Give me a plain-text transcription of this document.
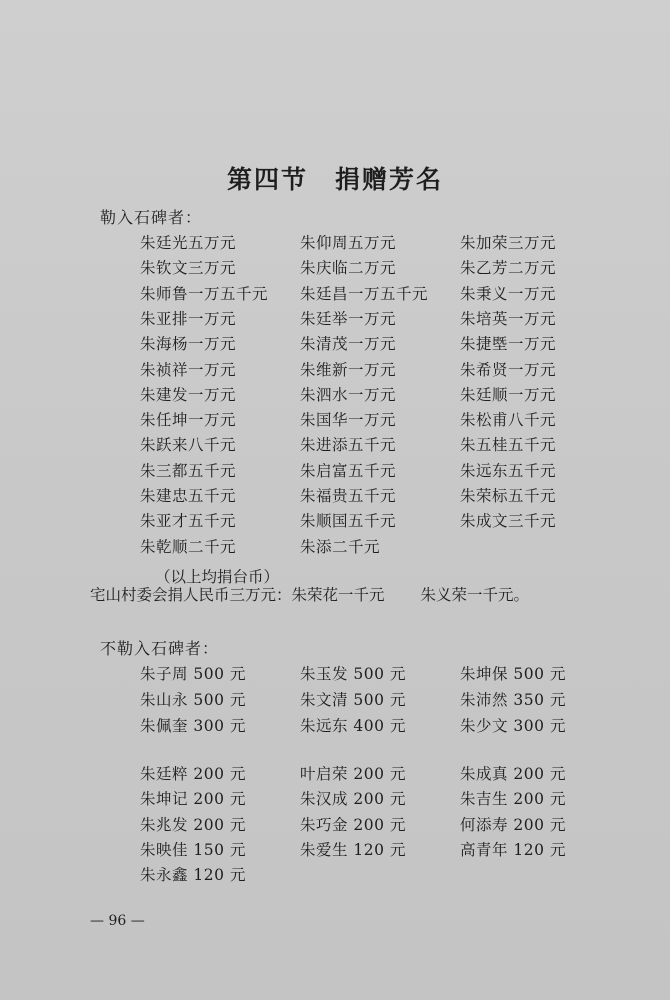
第四节　捐赠芳名
勒入石碑者：
朱廷光五万元	朱仰周五万元	朱加荣三万元
朱钦文三万元	朱庆临二万元	朱乙芳二万元
朱师鲁一万五千元 朱廷昌一万五千元 朱秉义一万元
朱亚排一万元	朱廷举一万元	朱培英一万元
朱海杨一万元	朱清茂一万元	朱捷塈一万元
朱祯祥一万元	朱维新一万元	朱希贤一万元
朱建发一万元	朱泗水一万元	朱廷顺一万元
朱任坤一万元	朱国华一万元	朱松甫八千元
朱跃来八千元	朱进添五千元	朱五桂五千元
朱三都五千元	朱启富五千元	朱远东五千元
朱建忠五千元	朱福贵五千元	朱荣标五千元
朱亚才五千元	朱顺国五千元	朱成文三千元
朱乾顺二千元	朱添二千元
（以上均捐台币）
宅山村委会捐人民币三万元：朱荣花一千元 朱义荣一千元。
不勒入石碑者：
朱子周 500 元	朱玉发 500 元	朱坤保 500 元
朱山永 500 元	朱文清 500 元	朱沛然 350 元
朱佩奎 300 元	朱远东 400 元	朱少文 300 元
朱廷粹 200 元	叶启荣 200 元	朱成真 200 元
朱坤记 200 元	朱汉成 200 元	朱吉生 200 元
朱兆发 200 元	朱巧金 200 元	何添寿 200 元
朱映佳 150 元	朱爱生 120 元	高青年 120 元
朱永鑫 120 元
— 96 —
